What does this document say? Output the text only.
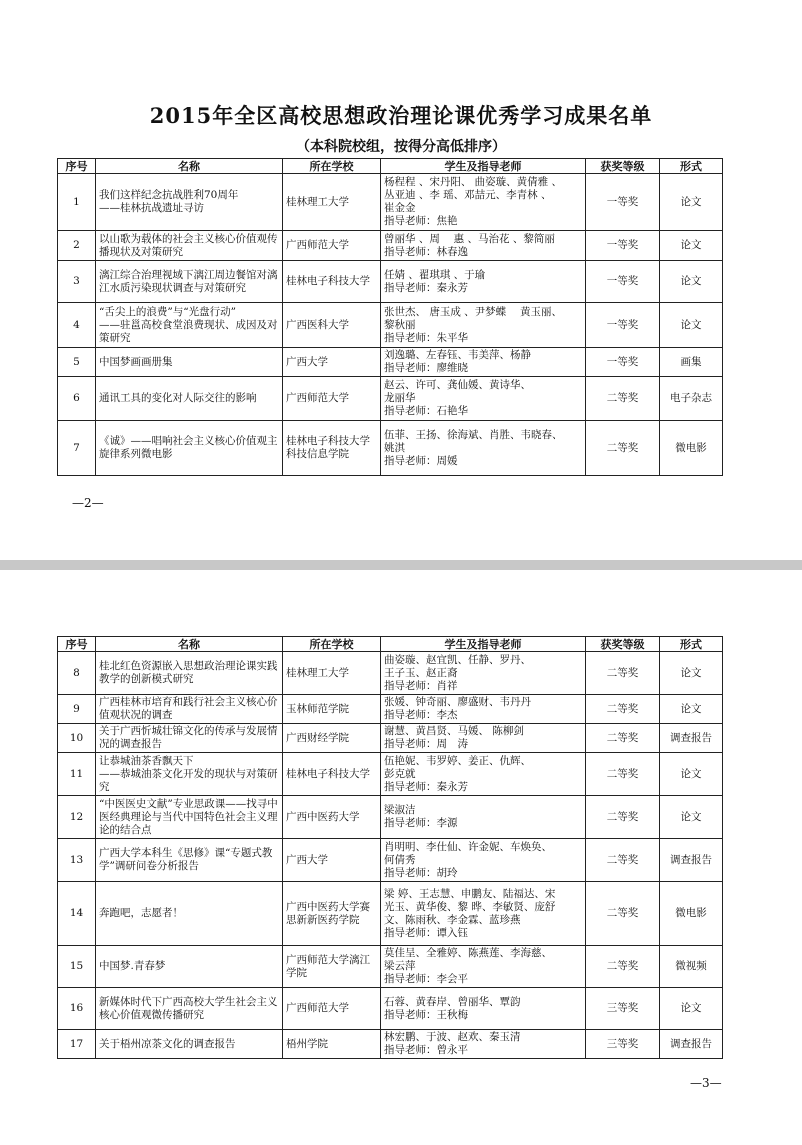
2015年全区高校思想政治理论课优秀学习成果名单
（本科院校组，按得分高低排序）
序号	名称	所在学校	学生及指导老师	获奖等级	形式
1	我们这样纪念抗战胜利70周年
——桂林抗战遗址寻访	桂林理工大学	杨程程 、宋丹阳、 曲姿璇、黄倩雅 、
丛亚迪 、李 瑶、邓喆元、李青林 、
崔金金
指导老师：焦艳	一等奖	论文
2	以山歌为载体的社会主义核心价值观传播现状及对策研究	广西师范大学	曾丽华 、周　 惠 、马治花 、黎简丽
指导老师：林春逸	一等奖	论文
3	漓江综合治理视域下漓江周边餐馆对漓江水质污染现状调查与对策研究	桂林电子科技大学	任婧 、翟琪琪 、于瑜
指导老师：秦永芳	一等奖	论文
4	“舌尖上的浪费”与“光盘行动”
——驻邕高校食堂浪费现状、成因及对策研究	广西医科大学	张世杰、 唐玉成 、尹梦蝶 　黄玉丽、
黎秋丽
指导老师：朱平华	一等奖	论文
5	中国梦画画册集	广西大学	刘逸璐、左春钰、韦美萍、杨静
指导老师：廖维晓	一等奖	画集
6	通讯工具的变化对人际交往的影响	广西师范大学	赵云、许可、龚仙媛、黄诗华、
龙丽华
指导老师：石艳华	二等奖	电子杂志
7	《诚》——唱响社会主义核心价值观主旋律系列微电影	桂林电子科技大学
科技信息学院	伍菲、王扬、徐海斌、肖胜、韦晓春、
姚淇
指导老师：周媛	二等奖	微电影
—2—
序号	名称	所在学校	学生及指导老师	获奖等级	形式
8	桂北红色资源嵌入思想政治理论课实践教学的创新模式研究	桂林理工大学	曲姿璇、赵宜凯、任静、罗丹、
王子玉、赵正裔
指导老师：肖祥	二等奖	论文
9	广西桂林市培育和践行社会主义核心价值观状况的调查	玉林师范学院	张媛、钟奇丽、廖盛财、韦丹丹
指导老师：李杰	二等奖	论文
10	关于广西忻城壮锦文化的传承与发展情况的调查报告	广西财经学院	谢慧、黄昌贤、马媛、 陈柳剑
指导老师：周　涛	二等奖	调查报告
11	让恭城油茶香飘天下
——恭城油茶文化开发的现状与对策研究	桂林电子科技大学	伍艳妮、韦罗婷、姜正、仇辉、
彭克就
指导老师：秦永芳	二等奖	论文
12	“中医医史文献”专业思政课——找寻中医经典理论与当代中国特色社会主义理论的结合点	广西中医药大学	梁淑洁
指导老师：李源	二等奖	论文
13	广西大学本科生《思修》课“专题式教学”调研问卷分析报告	广西大学	肖明明、李仕仙、许金妮、车焕奂、
何倩秀
指导老师：胡玲	二等奖	调查报告
14	奔跑吧，志愿者！	广西中医药大学赛
思新新医药学院	梁 婷、王志慧、申鹏友、陆福达、宋
光玉、黄华俊、黎 晔、李敏贤、庞舒
文、陈雨秋、李金霖、蓝珍燕
指导老师：谭入钰	二等奖	微电影
15	中国梦.青春梦	广西师范大学漓江
学院	莫佳呈、全雅婷、陈燕莲、李海慈、
梁云萍
指导老师：李会平	二等奖	微视频
16	新媒体时代下广西高校大学生社会主义核心价值观微传播研究	广西师范大学	石蓉、黄春岸、曾丽华、覃韵
指导老师：王秋梅	三等奖	论文
17	关于梧州凉茶文化的调查报告	梧州学院	林宏鹏、于波、赵欢、秦玉清
指导老师：曾永平	三等奖	调查报告
—3—
